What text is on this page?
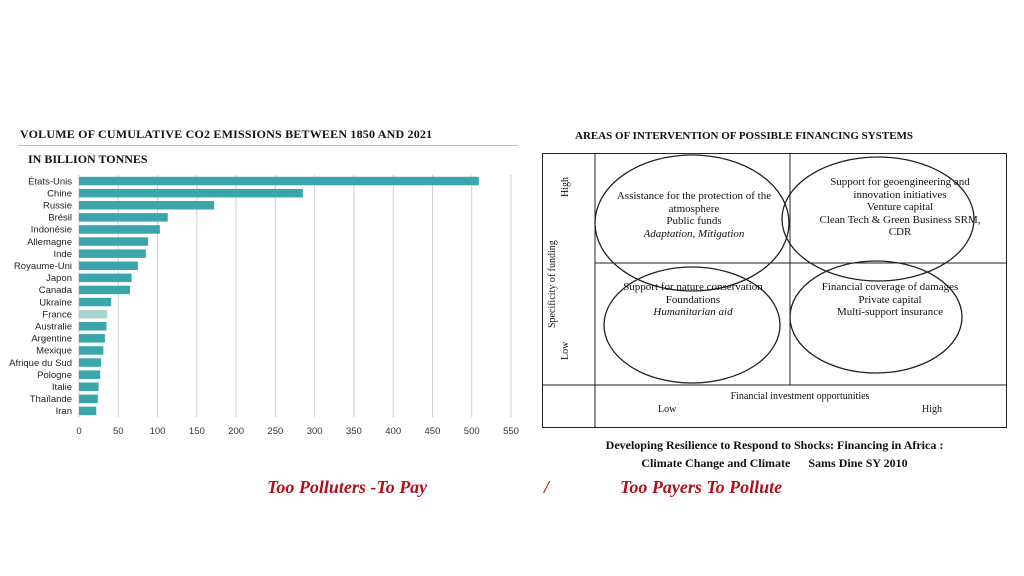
VOLUME OF CUMULATIVE CO2 EMISSIONS BETWEEN 1850 AND 2021
IN BILLION TONNES
0	50	100 150 200 250 300 350 400 450 500 550
États-Unis
Chine
Russie
Brésil
Indonésie
Allemagne
Inde
Royaume-Uni
Japon
Canada
Ukraine
France
Australie
Argentine
Mexique
Afrique du Sud
Pologne
Italie
Thaïlande
Iran
AREAS OF INTERVENTION OF POSSIBLE FINANCING SYSTEMS
Specificity of funding
High
Low
Assistance for the protection of the
atmosphere
Public funds
Adaptation, Mitigation
Support for geoengineering and
innovation initiatives
Venture capital
Clean Tech & Green Business SRM,
CDR
Support for nature conservation
Foundations
Humanitarian aid
Financial coverage of damages
Private capital
Multi-support insurance
Financial investment opportunities
Low	High
Developing Resilience to Respond to Shocks: Financing in Africa :
Climate Change and Climate      Sams Dine SY 2010
Too Polluters -To Pay	/	Too Payers To Pollute
